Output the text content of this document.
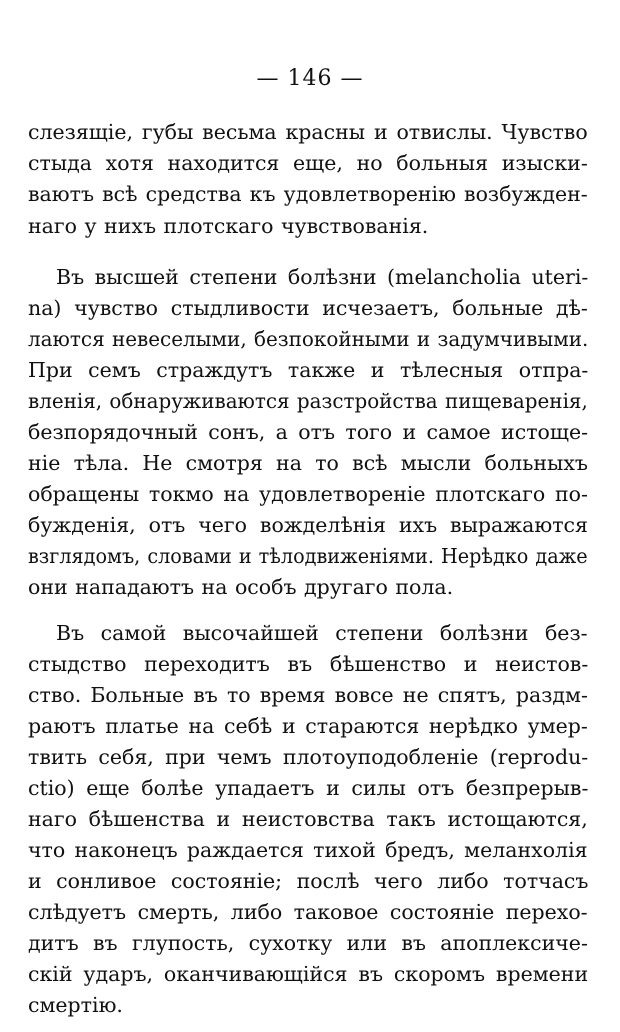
— 146 —
слезящіе, губы весьма красны и отвислы. Чувство
стыда хотя находится еще, но больныя изыски-
ваютъ всѣ средства къ удовлетворенію возбужден-
наго у нихъ плотскаго чувствованія.
Въ высшей степени болѣзни (melancholia uteri-
na) чувство стыдливости исчезаетъ, больные дѣ-
лаются невеселыми, безпокойными и задумчивыми.
При семъ страждутъ также и тѣлесныя отпра-
вленія, обнаруживаются разстройства пищеваренія,
безпорядочный сонъ, а отъ того и самое истоще-
ніе тѣла. Не смотря на то всѣ мысли больныхъ
обращены токмо на удовлетвореніе плотскаго по-
бужденія, отъ чего вожделѣнія ихъ выражаются
взглядомъ, словами и тѣлодвиженіями. Нерѣдко даже
они нападаютъ на особъ другагo пола.
Въ самой высочайшей степени болѣзни без-
стыдство переходитъ въ бѣшенство и неистов-
ство. Больные въ то время вовсе не спятъ, раздм-
раютъ платье на себѣ и стараются нерѣдко умер-
твить себя, при чемъ плотоуподобленіе (reprodu-
ctio) еще болѣе упадаетъ и силы отъ безпрерыв-
наго бѣшенства и неистовства такъ истощаются,
что наконецъ раждается тихой бредъ, меланхолія
и сонливое состояніе; послѣ чего либо тотчасъ
слѣдуетъ смерть, либо таковое состояніе перехо-
дитъ въ глупость, сухотку или въ апоплексиче-
скій ударъ, оканчивающійся въ скоромъ времени
смертію.
